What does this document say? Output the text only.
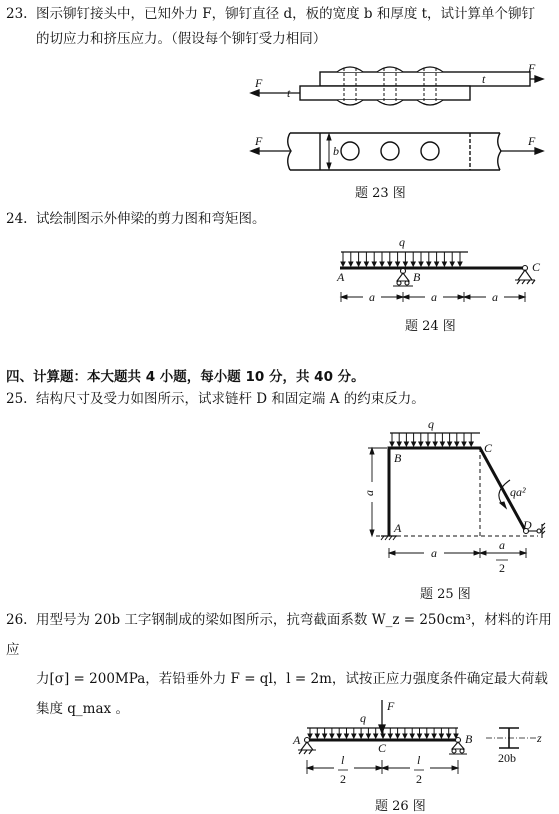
23. 图示铆钉接头中，已知外力 F，铆钉直径 d，板的宽度 b 和厚度 t，试计算单个铆钉
的切应力和挤压应力。（假设每个铆钉受力相同）
F
F
t
t
b
F	F
题 23 图
24. 试绘制图示外伸梁的剪力图和弯矩图。
q
A	B
C
a	a	a
题 24 图
四、计算题：本大题共 4 小题，每小题 10 分，共 40 分。
25. 结构尺寸及受力如图所示，试求链杆 D 和固定端 A 的约束反力。
q
qa²
B
C
A	D
a
a
a
2
题 25 图
26. 用型号为 20b 工字钢制成的梁如图所示，抗弯截面系数 W_z = 250cm³，材料的许用应
力[σ] = 200MPa，若铅垂外力 F = ql，l = 2m，试按正应力强度条件确定最大荷载
集度 q_max 。	F
q
A	B
C
l
2
l
2
z
20b
题 26 图
